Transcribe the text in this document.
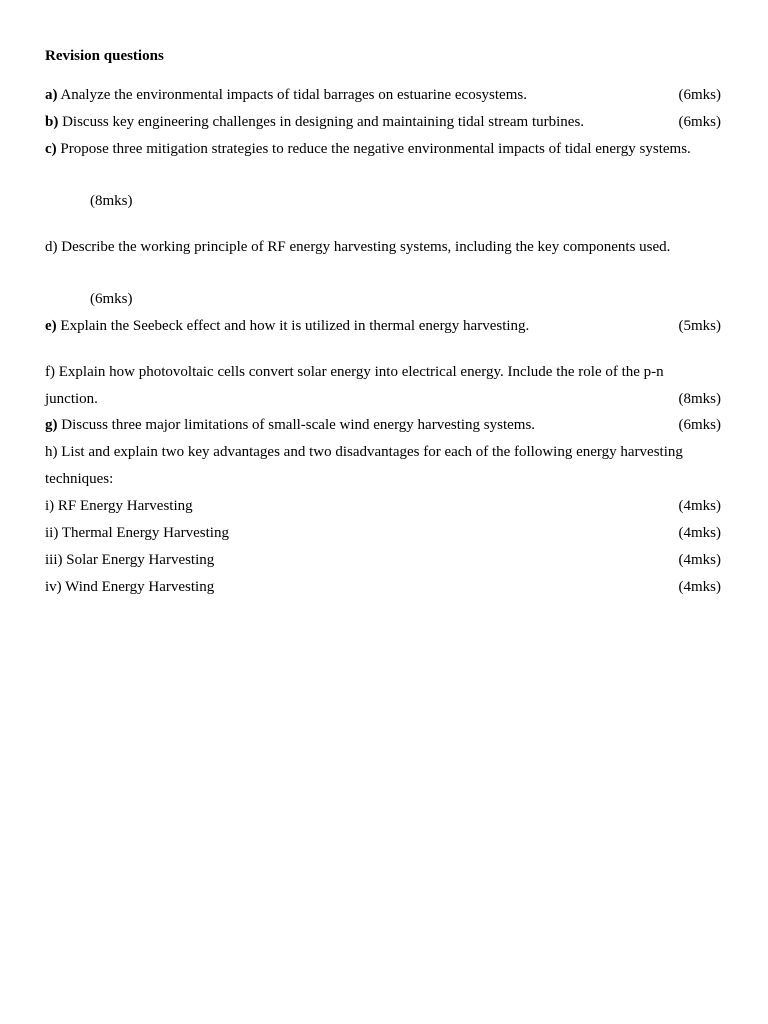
Revision questions
a) Analyze the environmental impacts of tidal barrages on estuarine ecosystems.	(6mks)
b) Discuss key engineering challenges in designing and maintaining tidal stream turbines.	(6mks)
c) Propose three mitigation strategies to reduce the negative environmental impacts of tidal energy systems.
(8mks)
d) Describe the working principle of RF energy harvesting systems, including the key components used.
(6mks)
e) Explain the Seebeck effect and how it is utilized in thermal energy harvesting.	(5mks)
f) Explain how photovoltaic cells convert solar energy into electrical energy. Include the role of the p-n
junction.	(8mks)
g) Discuss three major limitations of small-scale wind energy harvesting systems.	(6mks)
h) List and explain two key advantages and two disadvantages for each of the following energy harvesting
techniques:
i) RF Energy Harvesting	(4mks)
ii) Thermal Energy Harvesting	(4mks)
iii) Solar Energy Harvesting	(4mks)
iv) Wind Energy Harvesting	(4mks)
